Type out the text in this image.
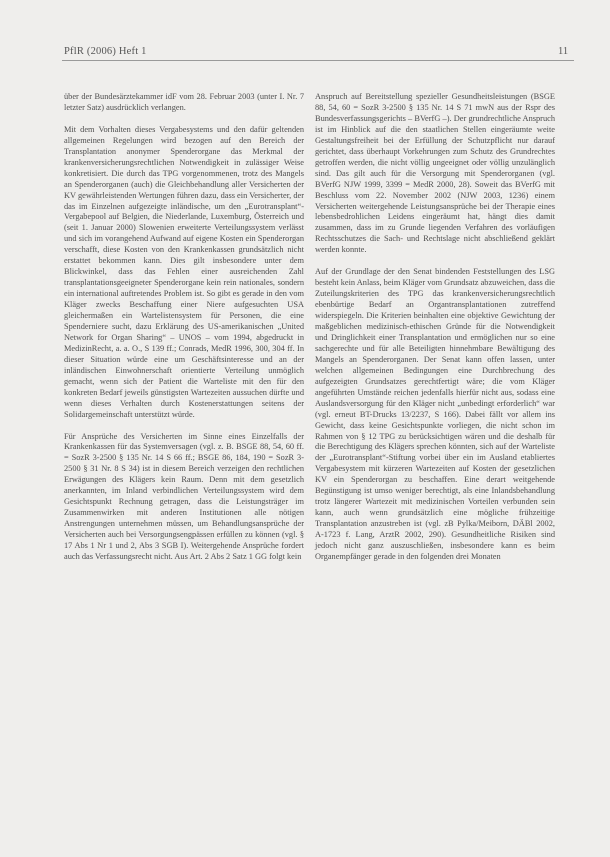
PflR (2006) Heft 1	11

über der Bundesärztekammer idF vom 28. Februar 2003 (unter I. Nr. 7 letzter Satz) ausdrücklich verlangen.

Mit dem Vorhalten dieses Vergabesystems und den dafür geltenden allgemeinen Regelungen wird bezogen auf den Bereich der Transplantation anonymer Spenderorgane das Merkmal der krankenversicherungsrechtlichen Notwendigkeit in zulässiger Weise konkretisiert. Die durch das TPG vorgenommenen, trotz des Mangels an Spenderorganen (auch) die Gleichbehandlung aller Versicherten der KV gewährleistenden Wertungen führen dazu, dass ein Versicherter, der das im Einzelnen aufgezeigte inländische, um den „Eurotransplant“-Vergabepool auf Belgien, die Niederlande, Luxemburg, Österreich und (seit 1. Januar 2000) Slowenien erweiterte Verteilungssystem verlässt und sich im vorangehend Aufwand auf eigene Kosten ein Spenderorgan verschafft, diese Kosten von den Krankenkassen grundsätzlich nicht erstattet bekommen kann. Dies gilt insbesondere unter dem Blickwinkel, dass das Fehlen einer ausreichenden Zahl transplantationsgeeigneter Spenderorgane kein rein nationales, sondern ein international auftretendes Problem ist. So gibt es gerade in den vom Kläger zwecks Beschaffung einer Niere aufgesuchten USA gleichermaßen ein Wartelistensystem für Personen, die eine Spenderniere sucht, dazu Erklärung des US-amerikanischen „United Network for Organ Sharing“ – UNOS – vom 1994, abgedruckt in MedizinRecht, a. a. O., S 139 ff.; Conrads, MedR 1996, 300, 304 ff. In dieser Situation würde eine um Geschäftsinteresse und an der inländischen Einwohnerschaft orientierte Verteilung unmöglich gemacht, wenn sich der Patient die Warteliste mit den für den konkreten Bedarf jeweils günstigsten Wartezeiten aussuchen dürfte und wenn dieses Verhalten durch Kostenerstattungen seitens der Solidargemeinschaft unterstützt würde.

Für Ansprüche des Versicherten im Sinne eines Einzelfalls der Krankenkassen für das Systemversagen (vgl. z. B. BSGE 88, 54, 60 ff. = SozR 3-2500 § 135 Nr. 14 S 66 ff.; BSGE 86, 184, 190 = SozR 3-2500 § 31 Nr. 8 S 34) ist in diesem Bereich verzeigen den rechtlichen Erwägungen des Klägers kein Raum. Denn mit dem gesetzlich anerkannten, im Inland verbindlichen Verteilungssystem wird dem Gesichtspunkt Rechnung getragen, dass die Leistungsträger im Zusammenwirken mit anderen Institutionen alle nötigen Anstrengungen unternehmen müssen, um Behandlungsansprüche der Versicherten auch bei Versorgungsengpässen erfüllen zu können (vgl. § 17 Abs 1 Nr 1 und 2, Abs 3 SGB I). Weitergehende Ansprüche fordert auch das Verfassungsrecht nicht. Aus Art. 2 Abs 2 Satz 1 GG folgt kein

Anspruch auf Bereitstellung spezieller Gesundheitsleistungen (BSGE 88, 54, 60 = SozR 3-2500 § 135 Nr. 14 S 71 mwN aus der Rspr des Bundesverfassungsgerichts – BVerfG –). Der grundrechtliche Anspruch ist im Hinblick auf die den staatlichen Stellen eingeräumte weite Gestaltungsfreiheit bei der Erfüllung der Schutzpflicht nur darauf gerichtet, dass überhaupt Vorkehrungen zum Schutz des Grundrechtes getroffen werden, die nicht völlig ungeeignet oder völlig unzulänglich sind. Das gilt auch für die Versorgung mit Spenderorganen (vgl. BVerfG NJW 1999, 3399 = MedR 2000, 28). Soweit das BVerfG mit Beschluss vom 22. November 2002 (NJW 2003, 1236) einem Versicherten weitergehende Leistungsansprüche bei der Therapie eines lebensbedrohlichen Leidens eingeräumt hat, hängt dies damit zusammen, dass im zu Grunde liegenden Verfahren des vorläufigen Rechtsschutzes die Sach- und Rechtslage nicht abschließend geklärt werden konnte.

Auf der Grundlage der den Senat bindenden Feststellungen des LSG besteht kein Anlass, beim Kläger vom Grundsatz abzuweichen, dass die Zuteilungskriterien des TPG das krankenversicherungsrechtlich ebenbürtige Bedarf an Organtransplantationen zutreffend widerspiegeln. Die Kriterien beinhalten eine objektive Gewichtung der maßgeblichen medizinisch-ethischen Gründe für die Notwendigkeit und Dringlichkeit einer Transplantation und ermöglichen nur so eine sachgerechte und für alle Beteiligten hinnehmbare Bewältigung des Mangels an Spenderorganen. Der Senat kann offen lassen, unter welchen allgemeinen Bedingungen eine Durchbrechung des aufgezeigten Grundsatzes gerechtfertigt wäre; die vom Kläger angeführten Umstände reichen jedenfalls hierfür nicht aus, sodass eine Auslandsversorgung für den Kläger nicht „unbedingt erforderlich“ war (vgl. erneut BT-Drucks 13/2237, S 166). Dabei fällt vor allem ins Gewicht, dass keine Gesichtspunkte vorliegen, die nicht schon im Rahmen von § 12 TPG zu berücksichtigen wären und die deshalb für die Berechtigung des Klägers sprechen könnten, sich auf der Warteliste der „Eurotransplant“-Stiftung vorbei über ein im Ausland etabliertes Vergabesystem mit kürzeren Wartezeiten auf Kosten der gesetzlichen KV ein Spenderorgan zu beschaffen. Eine derart weitgehende Begünstigung ist umso weniger berechtigt, als eine Inlandsbehandlung trotz längerer Wartezeit mit medizinischen Vorteilen verbunden sein kann, auch wenn grundsätzlich eine mögliche frühzeitige Transplantation anzustreben ist (vgl. zB Pylka/Meiborn, DÄBl 2002, A-1723 f. Lang, ArztR 2002, 290). Gesundheitliche Risiken sind jedoch nicht ganz auszuschließen, insbesondere kann es beim Organempfänger gerade in den folgenden drei Monaten
